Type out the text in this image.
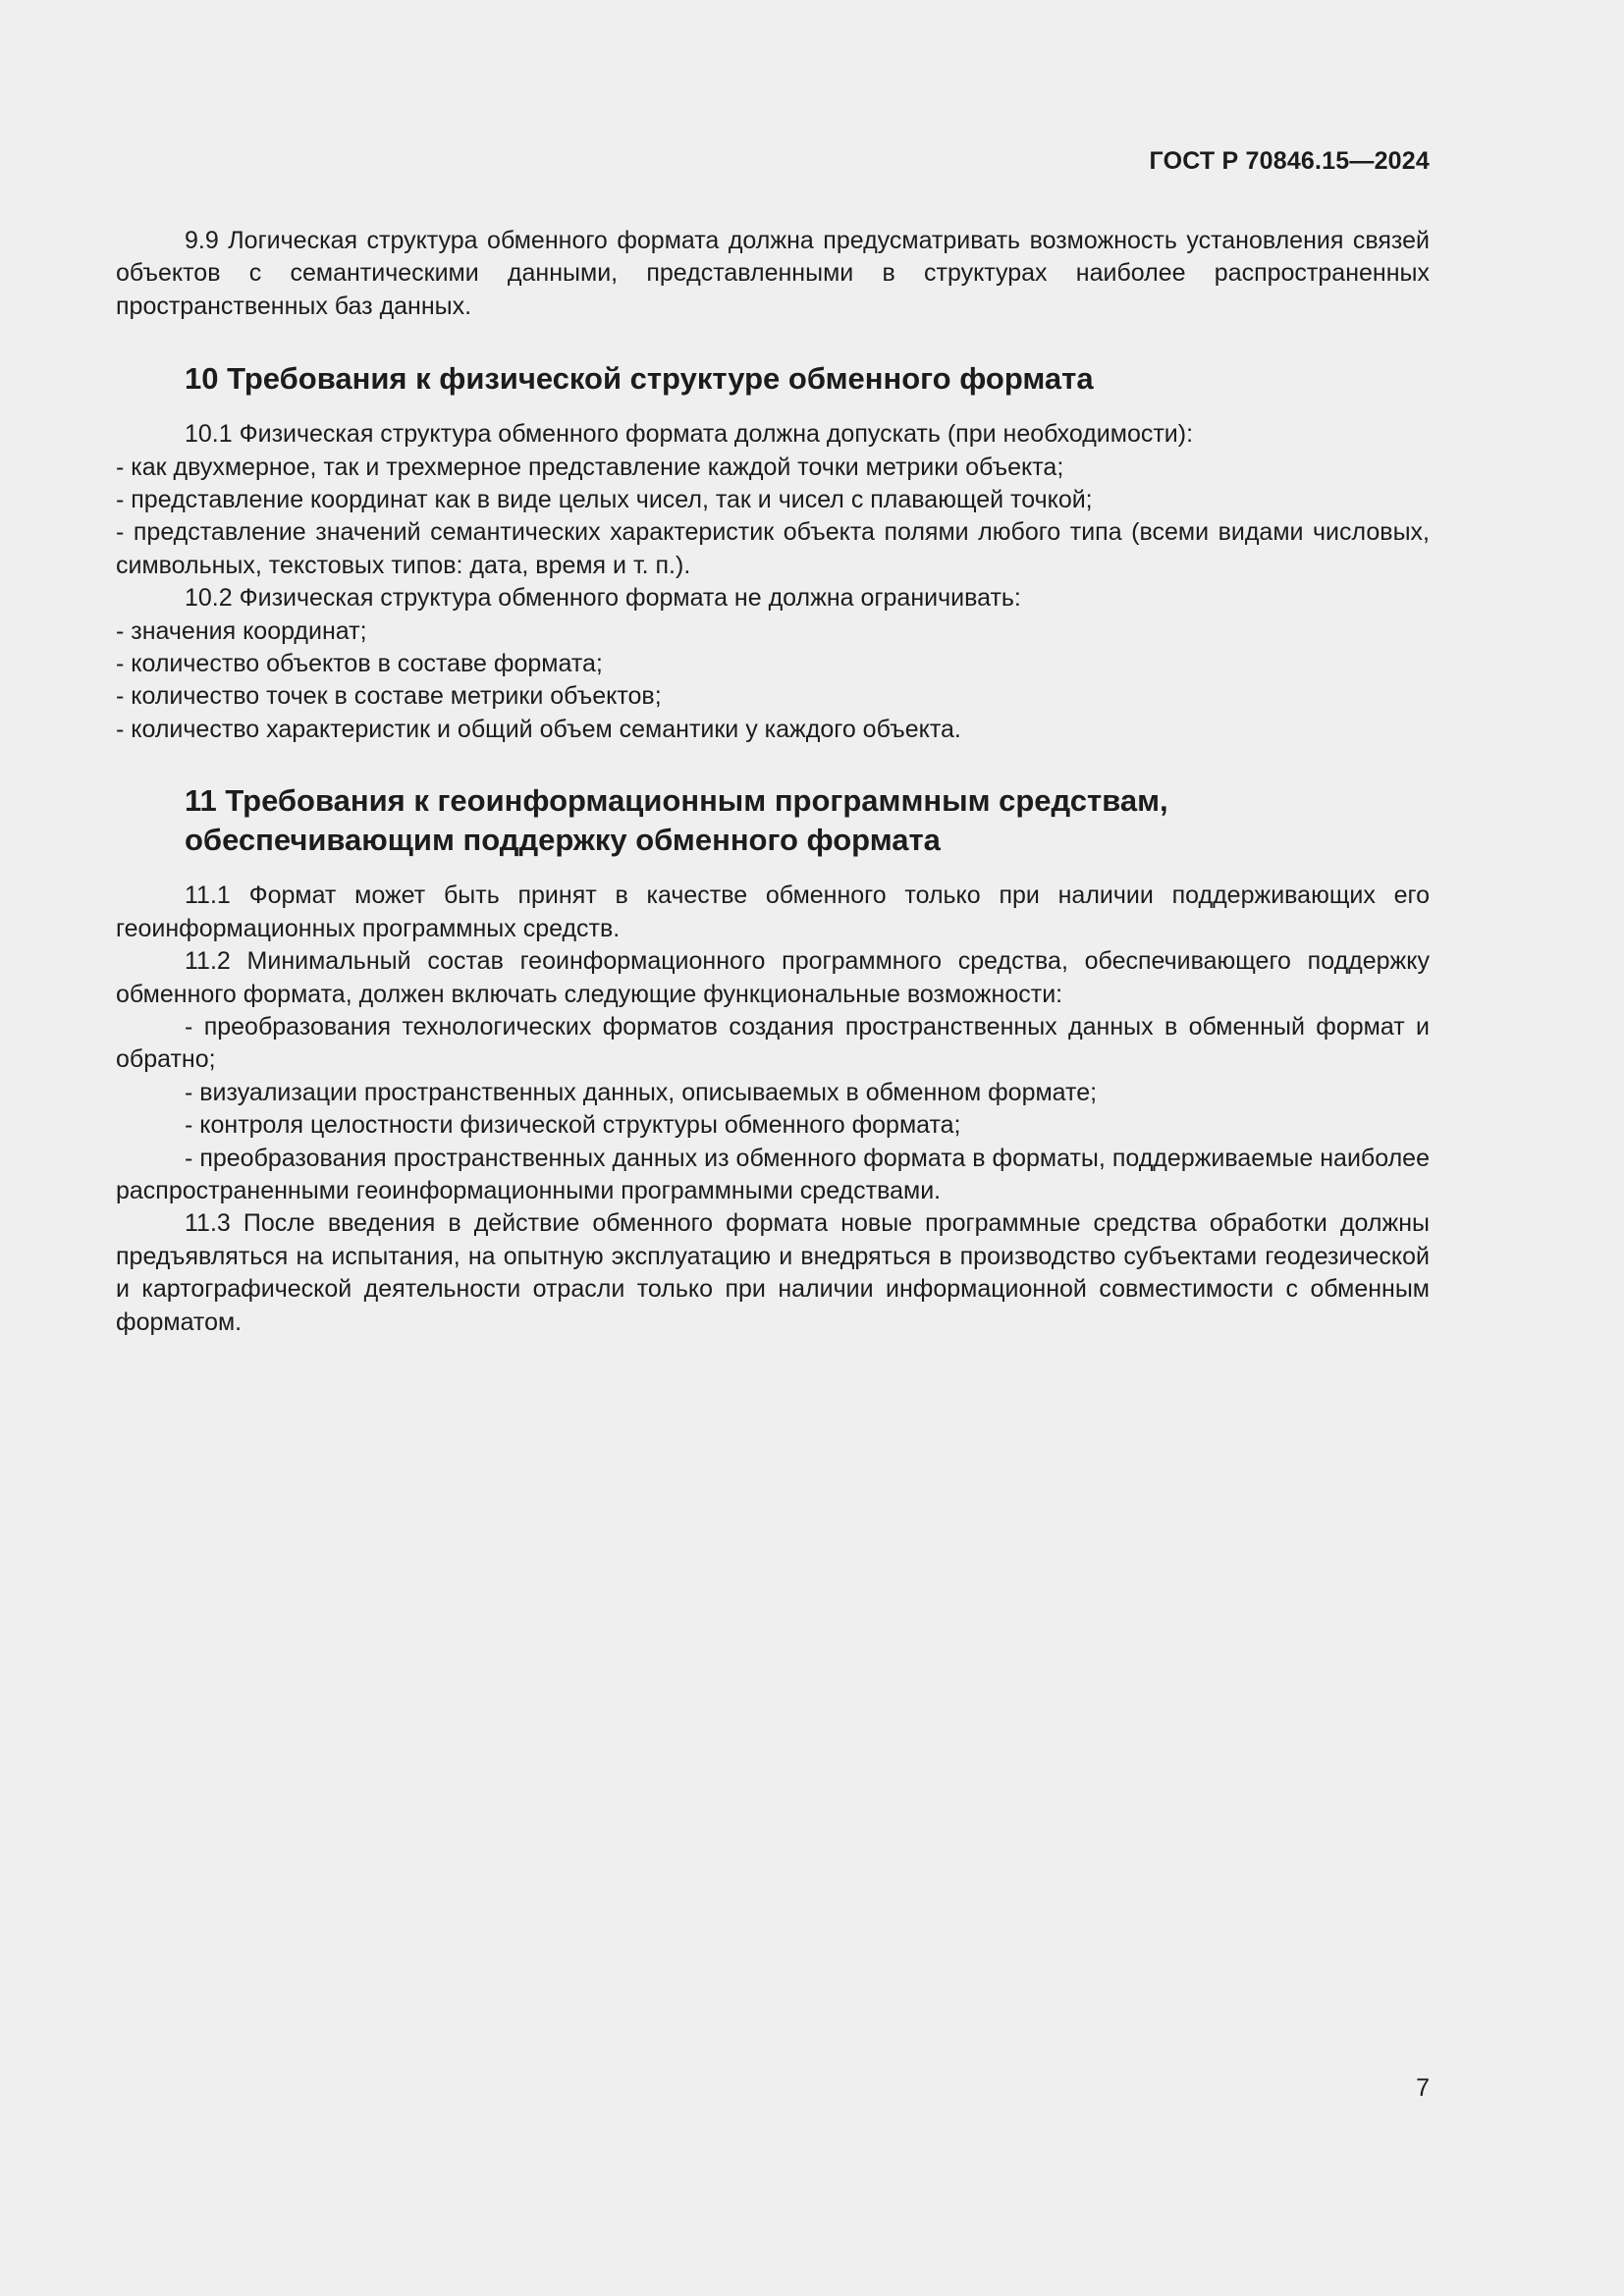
ГОСТ Р 70846.15—2024

9.9 Логическая структура обменного формата должна предусматривать возможность установления связей объектов с семантическими данными, представленными в структурах наиболее распространенных пространственных баз данных.

10 Требования к физической структуре обменного формата

10.1 Физическая структура обменного формата должна допускать (при необходимости):

- как двухмерное, так и трехмерное представление каждой точки метрики объекта;

- представление координат как в виде целых чисел, так и чисел с плавающей точкой;

- представление значений семантических характеристик объекта полями любого типа (всеми видами числовых, символьных, текстовых типов: дата, время и т. п.).

10.2 Физическая структура обменного формата не должна ограничивать:

- значения координат;

- количество объектов в составе формата;

- количество точек в составе метрики объектов;

- количество характеристик и общий объем семантики у каждого объекта.

11 Требования к геоинформационным программным средствам,
обеспечивающим поддержку обменного формата

11.1 Формат может быть принят в качестве обменного только при наличии поддерживающих его геоинформационных программных средств.

11.2 Минимальный состав геоинформационного программного средства, обеспечивающего поддержку обменного формата, должен включать следующие функциональные возможности:

- преобразования технологических форматов создания пространственных данных в обменный формат и обратно;

- визуализации пространственных данных, описываемых в обменном формате;

- контроля целостности физической структуры обменного формата;

- преобразования пространственных данных из обменного формата в форматы, поддерживаемые наиболее распространенными геоинформационными программными средствами.

11.3 После введения в действие обменного формата новые программные средства обработки должны предъявляться на испытания, на опытную эксплуатацию и внедряться в производство субъектами геодезической и картографической деятельности отрасли только при наличии информационной совместимости с обменным форматом.

7
